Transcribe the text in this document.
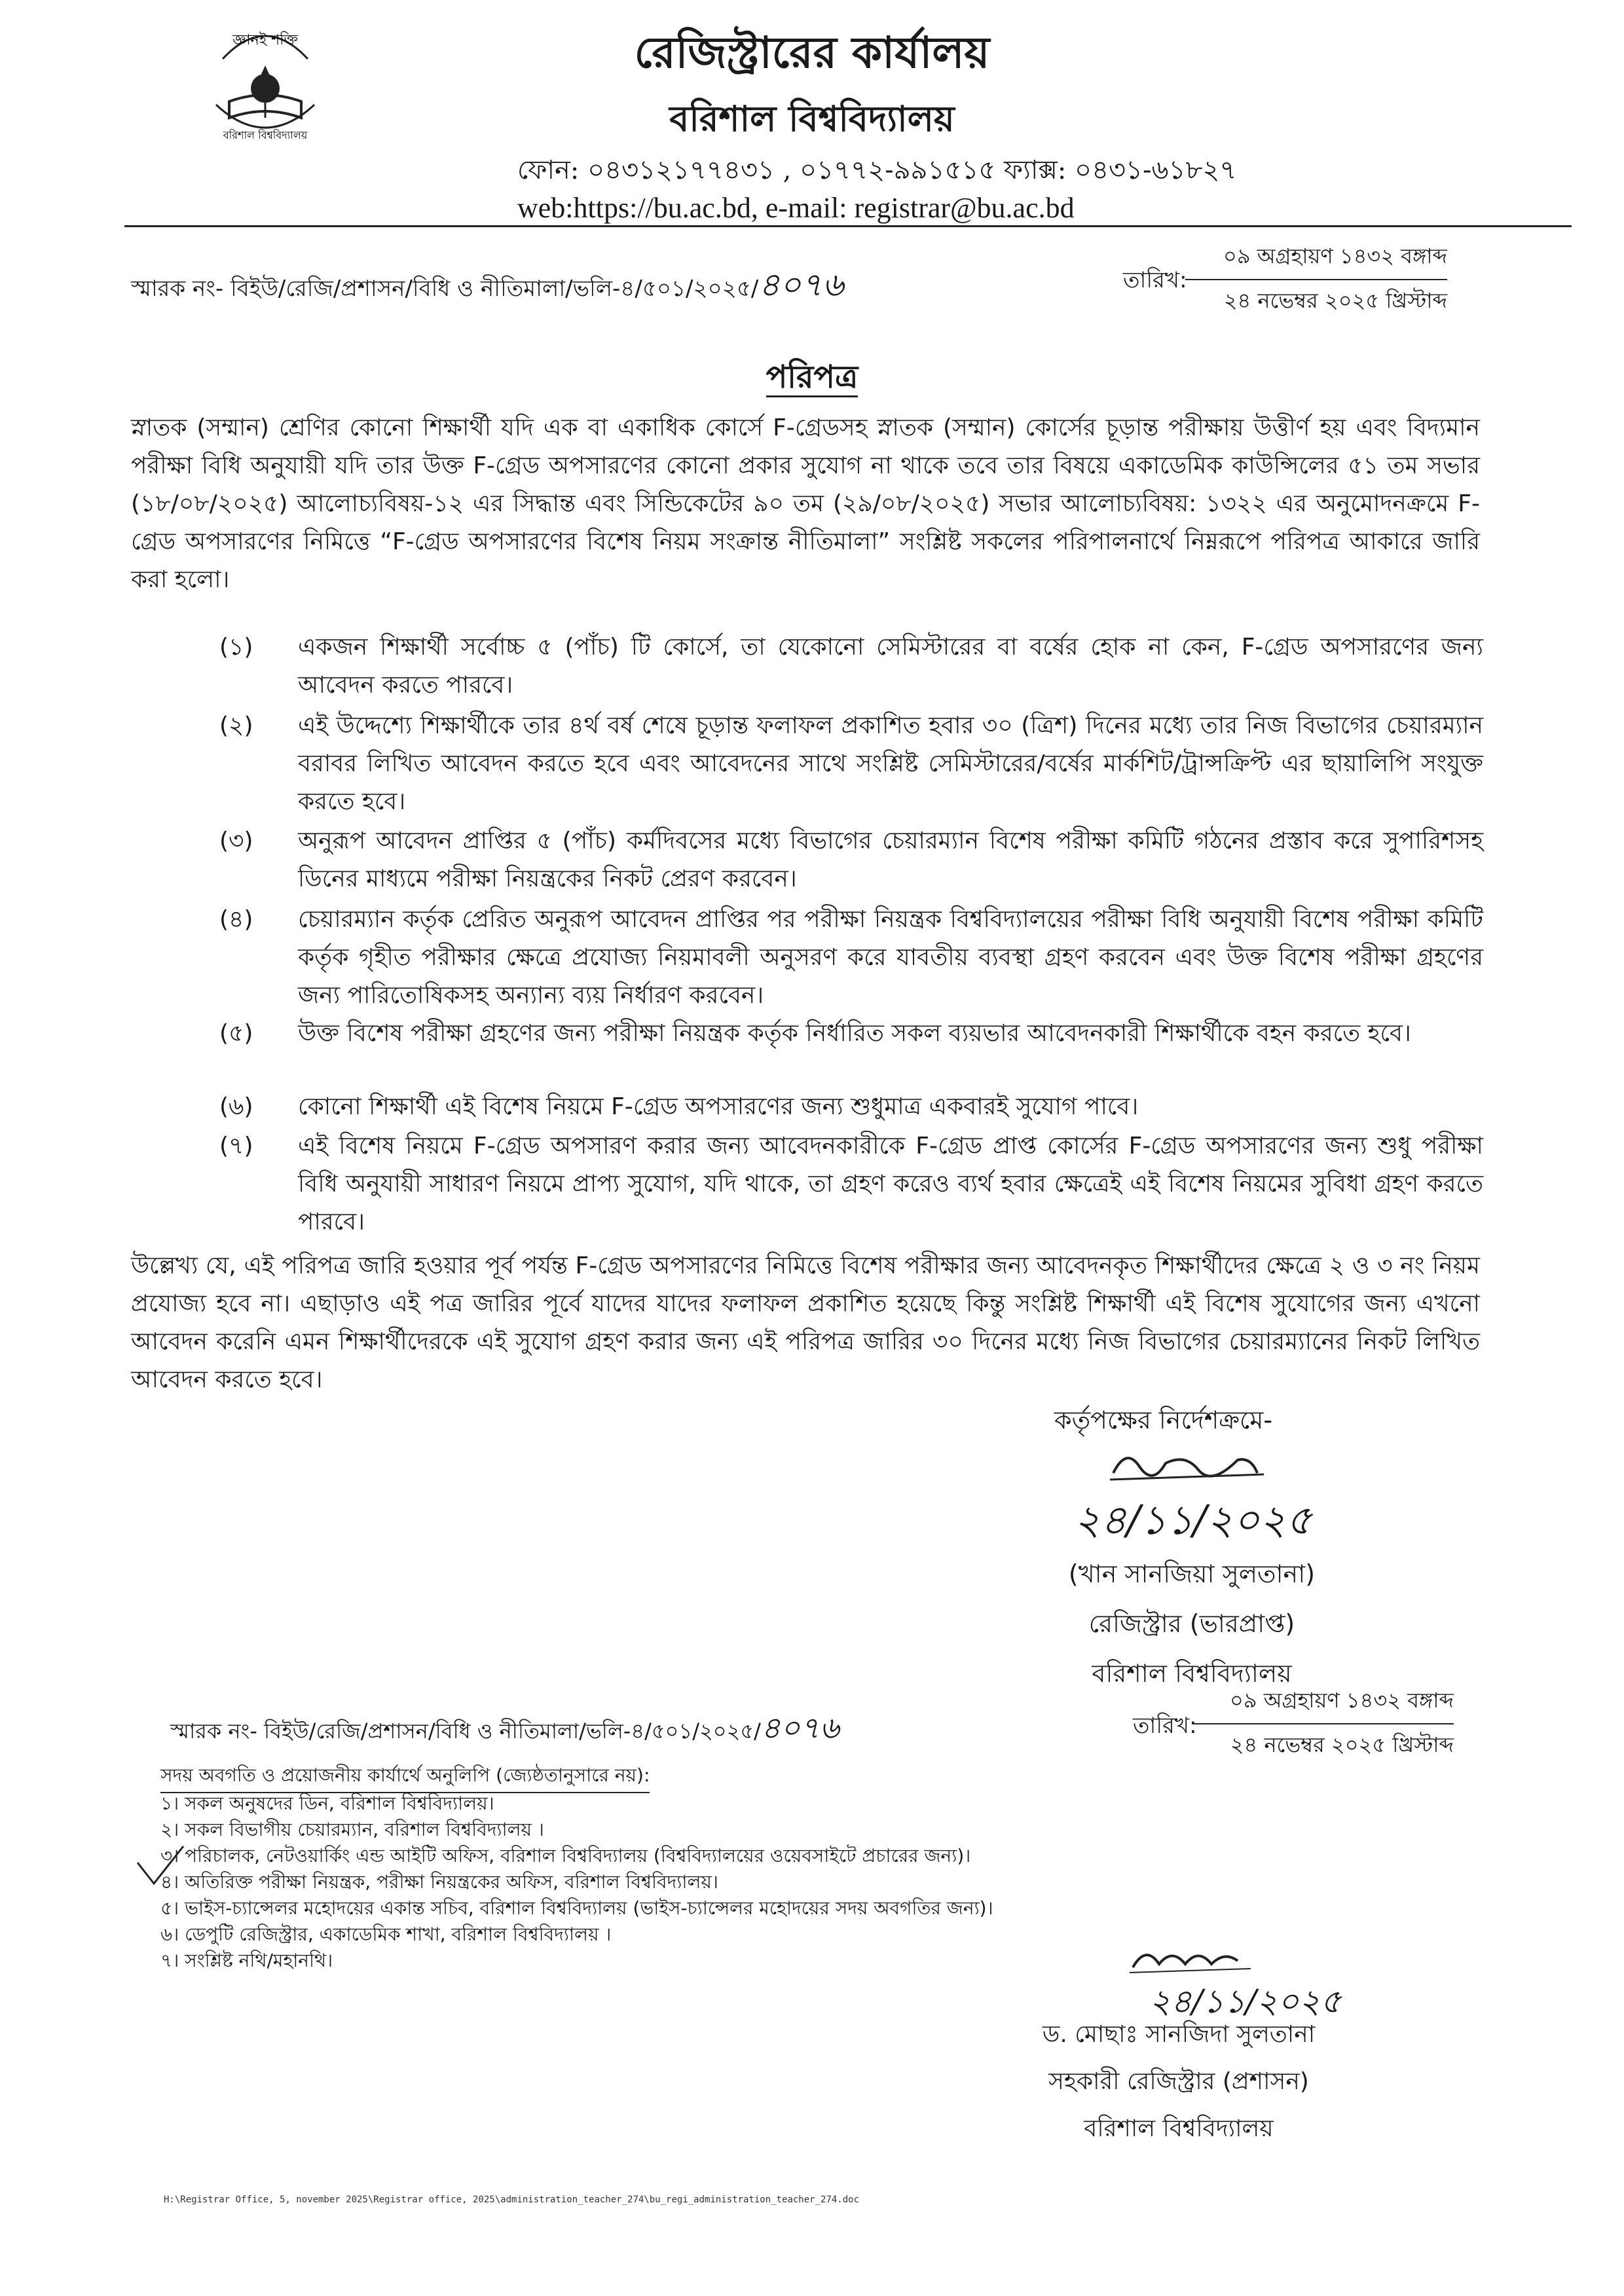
জ্ঞানই শক্তি
বরিশাল বিশ্ববিদ্যালয়
রেজিস্ট্রারের কার্যালয়
বরিশাল বিশ্ববিদ্যালয়
ফোন: ০৪৩১২১৭৭৪৩১ , ০১৭৭২-৯৯১৫১৫ ফ্যাক্স: ০৪৩১-৬১৮২৭
web:https://bu.ac.bd, e-mail: registrar@bu.ac.bd
স্মারক নং- বিইউ/রেজি/প্রশাসন/বিধি ও নীতিমালা/ভলি-৪/৫০১/২০২৫/৪০৭৬	তারিখ:
০৯ অগ্রহায়ণ ১৪৩২ বঙ্গাব্দ
২৪ নভেম্বর ২০২৫ খ্রিস্টাব্দ
পরিপত্র
স্নাতক (সম্মান) শ্রেণির কোনো শিক্ষার্থী যদি এক বা একাধিক কোর্সে F-গ্রেডসহ স্নাতক (সম্মান) কোর্সের চূড়ান্ত পরীক্ষায় উত্তীর্ণ হয় এবং বিদ্যমান পরীক্ষা বিধি অনুযায়ী যদি তার উক্ত F-গ্রেড অপসারণের কোনো প্রকার সুযোগ না থাকে তবে তার বিষয়ে একাডেমিক কাউন্সিলের ৫১ তম সভার (১৮/০৮/২০২৫) আলোচ্যবিষয়-১২ এর সিদ্ধান্ত এবং সিন্ডিকেটের ৯০ তম (২৯/০৮/২০২৫) সভার আলোচ্যবিষয়: ১৩২২ এর অনুমোদনক্রমে F-গ্রেড অপসারণের নিমিত্তে “F-গ্রেড অপসারণের বিশেষ নিয়ম সংক্রান্ত নীতিমালা” সংশ্লিষ্ট সকলের পরিপালনার্থে নিম্নরূপে পরিপত্র আকারে জারি করা হলো।
(১)	একজন শিক্ষার্থী সর্বোচ্চ ৫ (পাঁচ) টি কোর্সে, তা যেকোনো সেমিস্টারের বা বর্ষের হোক না কেন, F-গ্রেড অপসারণের জন্য আবেদন করতে পারবে।
(২)	এই উদ্দেশ্যে শিক্ষার্থীকে তার ৪র্থ বর্ষ শেষে চূড়ান্ত ফলাফল প্রকাশিত হবার ৩০ (ত্রিশ) দিনের মধ্যে তার নিজ বিভাগের চেয়ারম্যান বরাবর লিখিত আবেদন করতে হবে এবং আবেদনের সাথে সংশ্লিষ্ট সেমিস্টারের/বর্ষের মার্কশিট/ট্রান্সক্রিপ্ট এর ছায়ালিপি সংযুক্ত করতে হবে।
(৩)	অনুরূপ আবেদন প্রাপ্তির ৫ (পাঁচ) কর্মদিবসের মধ্যে বিভাগের চেয়ারম্যান বিশেষ পরীক্ষা কমিটি গঠনের প্রস্তাব করে সুপারিশসহ ডিনের মাধ্যমে পরীক্ষা নিয়ন্ত্রকের নিকট প্রেরণ করবেন।
(৪)	চেয়ারম্যান কর্তৃক প্রেরিত অনুরূপ আবেদন প্রাপ্তির পর পরীক্ষা নিয়ন্ত্রক বিশ্ববিদ্যালয়ের পরীক্ষা বিধি অনুযায়ী বিশেষ পরীক্ষা কমিটি কর্তৃক গৃহীত পরীক্ষার ক্ষেত্রে প্রযোজ্য নিয়মাবলী অনুসরণ করে যাবতীয় ব্যবস্থা গ্রহণ করবেন এবং উক্ত বিশেষ পরীক্ষা গ্রহণের জন্য পারিতোষিকসহ অন্যান্য ব্যয় নির্ধারণ করবেন।
(৫)	উক্ত বিশেষ পরীক্ষা গ্রহণের জন্য পরীক্ষা নিয়ন্ত্রক কর্তৃক নির্ধারিত সকল ব্যয়ভার আবেদনকারী শিক্ষার্থীকে বহন করতে হবে।
(৬)	কোনো শিক্ষার্থী এই বিশেষ নিয়মে F-গ্রেড অপসারণের জন্য শুধুমাত্র একবারই সুযোগ পাবে।
(৭)	এই বিশেষ নিয়মে F-গ্রেড অপসারণ করার জন্য আবেদনকারীকে F-গ্রেড প্রাপ্ত কোর্সের F-গ্রেড অপসারণের জন্য শুধু পরীক্ষা বিধি অনুযায়ী সাধারণ নিয়মে প্রাপ্য সুযোগ, যদি থাকে, তা গ্রহণ করেও ব্যর্থ হবার ক্ষেত্রেই এই বিশেষ নিয়মের সুবিধা গ্রহণ করতে পারবে।
উল্লেখ্য যে, এই পরিপত্র জারি হওয়ার পূর্ব পর্যন্ত F-গ্রেড অপসারণের নিমিত্তে বিশেষ পরীক্ষার জন্য আবেদনকৃত শিক্ষার্থীদের ক্ষেত্রে ২ ও ৩ নং নিয়ম প্রযোজ্য হবে না। এছাড়াও এই পত্র জারির পূর্বে যাদের যাদের ফলাফল প্রকাশিত হয়েছে কিন্তু সংশ্লিষ্ট শিক্ষার্থী এই বিশেষ সুযোগের জন্য এখনো আবেদন করেনি এমন শিক্ষার্থীদেরকে এই সুযোগ গ্রহণ করার জন্য এই পরিপত্র জারির ৩০ দিনের মধ্যে নিজ বিভাগের চেয়ারম্যানের নিকট লিখিত আবেদন করতে হবে।
কর্তৃপক্ষের নির্দেশক্রমে-
২৪/১১/২০২৫
(খান সানজিয়া সুলতানা)
রেজিস্ট্রার (ভারপ্রাপ্ত)
বরিশাল বিশ্ববিদ্যালয়
স্মারক নং- বিইউ/রেজি/প্রশাসন/বিধি ও নীতিমালা/ভলি-৪/৫০১/২০২৫/৪০৭৬	তারিখ:
০৯ অগ্রহায়ণ ১৪৩২ বঙ্গাব্দ
২৪ নভেম্বর ২০২৫ খ্রিস্টাব্দ
সদয় অবগতি ও প্রয়োজনীয় কার্যার্থে অনুলিপি (জ্যেষ্ঠতানুসারে নয়):
১। সকল অনুষদের ডিন, বরিশাল বিশ্ববিদ্যালয়।
২। সকল বিভাগীয় চেয়ারম্যান, বরিশাল বিশ্ববিদ্যালয় ।
৩। পরিচালক, নেটওয়ার্কিং এন্ড আইটি অফিস, বরিশাল বিশ্ববিদ্যালয় (বিশ্ববিদ্যালয়ের ওয়েবসাইটে প্রচারের জন্য)।
৪। অতিরিক্ত পরীক্ষা নিয়ন্ত্রক, পরীক্ষা নিয়ন্ত্রকের অফিস, বরিশাল বিশ্ববিদ্যালয়।
৫। ভাইস-চ্যান্সেলর মহোদয়ের একান্ত সচিব, বরিশাল বিশ্ববিদ্যালয় (ভাইস-চ্যান্সেলর মহোদয়ের সদয় অবগতির জন্য)।
৬। ডেপুটি রেজিস্ট্রার, একাডেমিক শাখা, বরিশাল বিশ্ববিদ্যালয় ।
৭। সংশ্লিষ্ট নথি/মহানথি।
২৪/১১/২০২৫
ড. মোছাঃ সানজিদা সুলতানা
সহকারী রেজিস্ট্রার (প্রশাসন)
বরিশাল বিশ্ববিদ্যালয়
H:\Registrar Office, 5, november 2025\Registrar office, 2025\administration_teacher_274\bu_regi_administration_teacher_274.doc
